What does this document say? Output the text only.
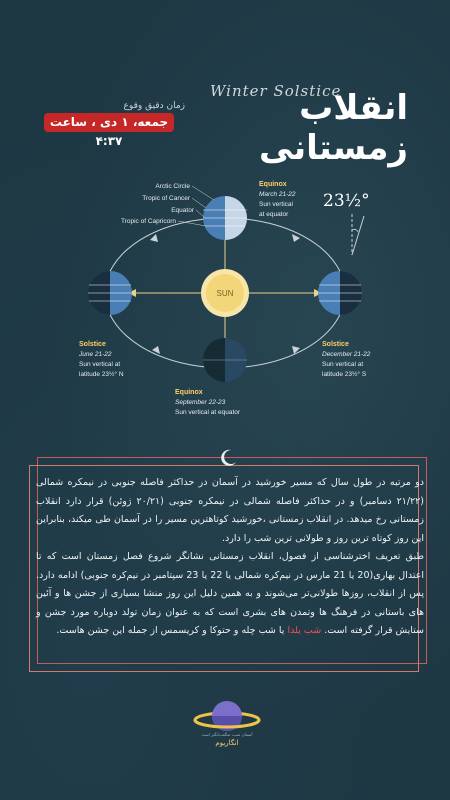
Winter Solstice
انقلاب زمستانی
زمان دقیق وقوع
جمعه، ۱ دی ، ساعت ۴:۳۷
SUN
Arctic Circle
Tropic of Cancer
Equator
Tropic of Capricorn
Equinox
March 21-22
Sun vertical
at equator
23½°
Solstice
June 21-22
Sun vertical at
latitude 23½° N
Solstice
December 21-22
Sun vertical at
latitude 23½° S
Equinox
September 22-23
Sun vertical at equator

دو مرتبه در طول سال که مسیر خورشید در آسمان در حداکثر فاصله جنوبی در نیمکره شمالی (۲۱/۲۲ دسامبر) و در حداکثر فاصله شمالی در نیمکره جنوبی (۲۰/۲۱ ژوئن) قرار دارد انقلاب زمستانی رخ میدهد. در انقلاب زمستانی ،خورشید کوتاهترین مسیر را در آسمان طی میکند، بنابراین این روز کوتاه ترین روز و طولانی ترین شب را دارد.

طبق تعریف اخترشناسی از فصول، انقلاب زمستانی نشانگر شروع فصل زمستان است که تا اعتدال بهاری(20 یا 21 مارس در نیم‌کره شمالی یا 22 یا 23 سپتامبر در نیم‌کره جنوبی) ادامه دارد. پس از انقلاب، روزها طولانی‌تر می‌شوند و به همین دلیل این روز منشا بسیاری از جشن ها و آئین های باستانی در فرهنگ ها وتمدن های بشری است که به عنوان زمان تولد دوباره مورد جشن و ستایش قرار گرفته است. شب یلدا یا شب چله و حتوکا و کریسمس از جمله این جشن هاست.

آسمان شب، شگفت‌انگیز است
انگاریوم
